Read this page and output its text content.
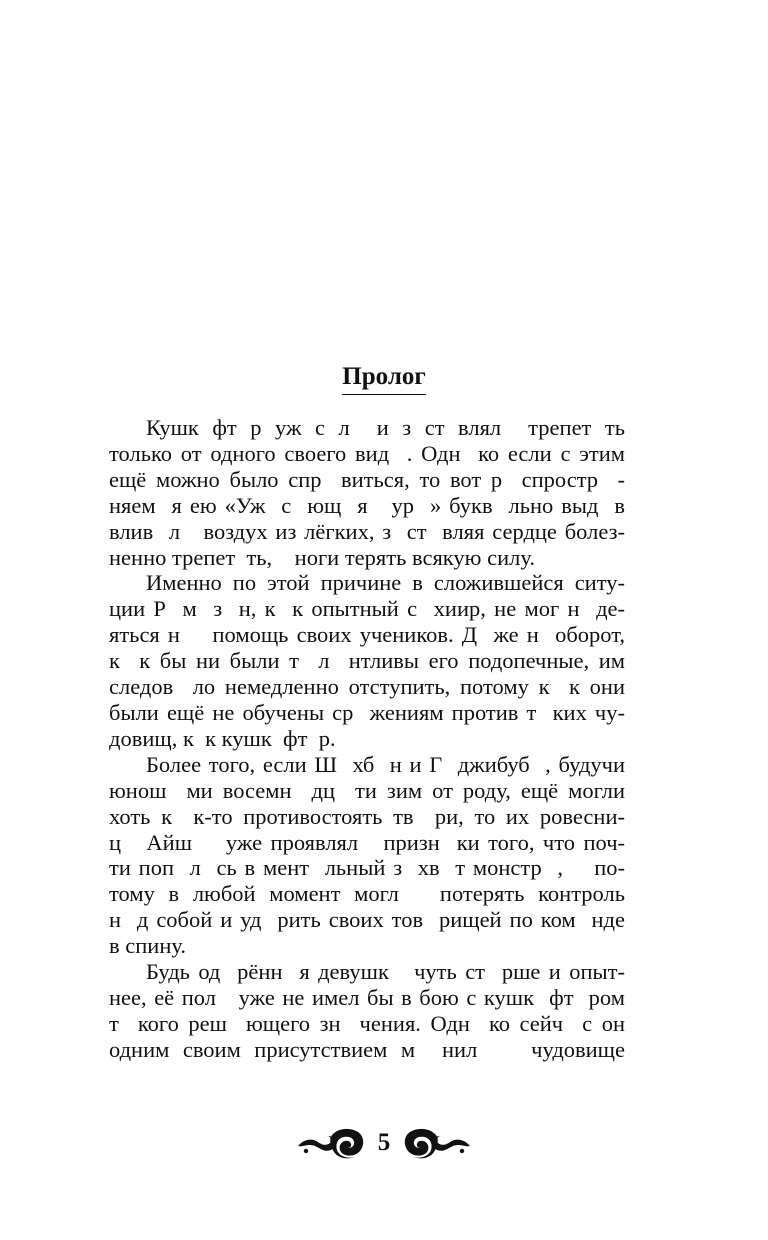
Пролог

Кушк фт р уж с л  и з ст влял  трепет ть
только от одного своего вид  . Одн  ко если с этим
ещё можно было спр  виться, то вот р  спростр  -
няем  я ею «Уж  с  ющ  я   ур  » букв  льно выд  в
влив  л   воздух из лёгких, з  ст  вляя сердце болез-
ненно трепет  ть,    ноги терять всякую силу.

Именно по этой причине в сложившейся ситу-
ции Р  м  з  н, к  к опытный с  хиир, не мог н  де-
яться н    помощь своих учеников. Д  же н  оборот,
к  к бы ни были т  л  нтливы его подопечные, им
следов  ло немедленно отступить, потому к  к они
были ещё не обучены ср  жениям против т  ких чу-
довищ, к  к кушк  фт  р.

Более того, если Ш  хб  н и Г  джибуб  , будучи
юнош  ми восемн  дц  ти зим от роду, ещё могли
хоть к  к-то противостоять тв  ри, то их ровесни-
ц   Айш    уже проявлял   призн  ки того, что поч-
ти поп  л  сь в мент  льный з  хв  т монстр  ,    по-
тому в любой момент могл   потерять контроль
н  д собой и уд  рить своих тов  рищей по ком  нде
в спину.

Будь од  рённ  я девушк   чуть ст  рше и опыт-
нее, её пол   уже не имел бы в бою с кушк  фт  ром
т  кого реш  ющего зн  чения. Одн  ко сейч  с он
одним своим присутствием м  нил    чудовище

5
